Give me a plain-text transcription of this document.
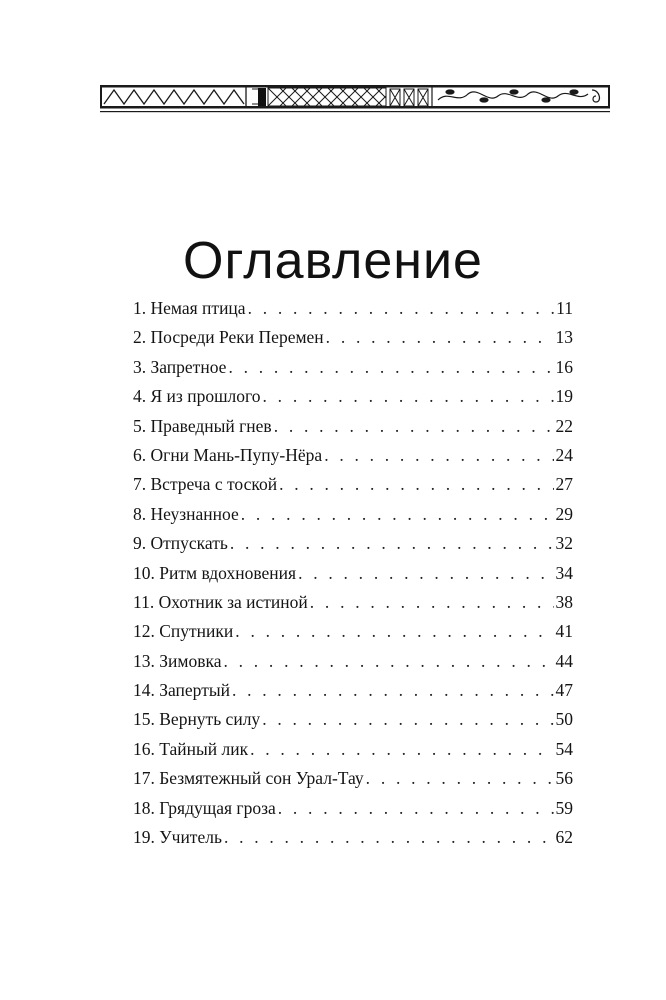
Оглавление
1. Немая птица . . .	11
2. Посреди Реки Перемен . . .	13
3. Запретное . . .	16
4. Я из прошлого . . .	19
5. Праведный гнев . . .	22
6. Огни Мань-Пупу-Нёра . . .	24
7. Встреча с тоской . . .	27
8. Неузнанное . . .	29
9. Отпускать . . .	32
10. Ритм вдохновения . . .	34
11. Охотник за истиной . . .	38
12. Спутники . . .	41
13. Зимовка . . .	44
14. Запертый . . .	47
15. Вернуть силу . . .	50
16. Тайный лик . . .	54
17. Безмятежный сон Урал-Тау . . .	56
18. Грядущая гроза . . .	59
19. Учитель . . .	62
